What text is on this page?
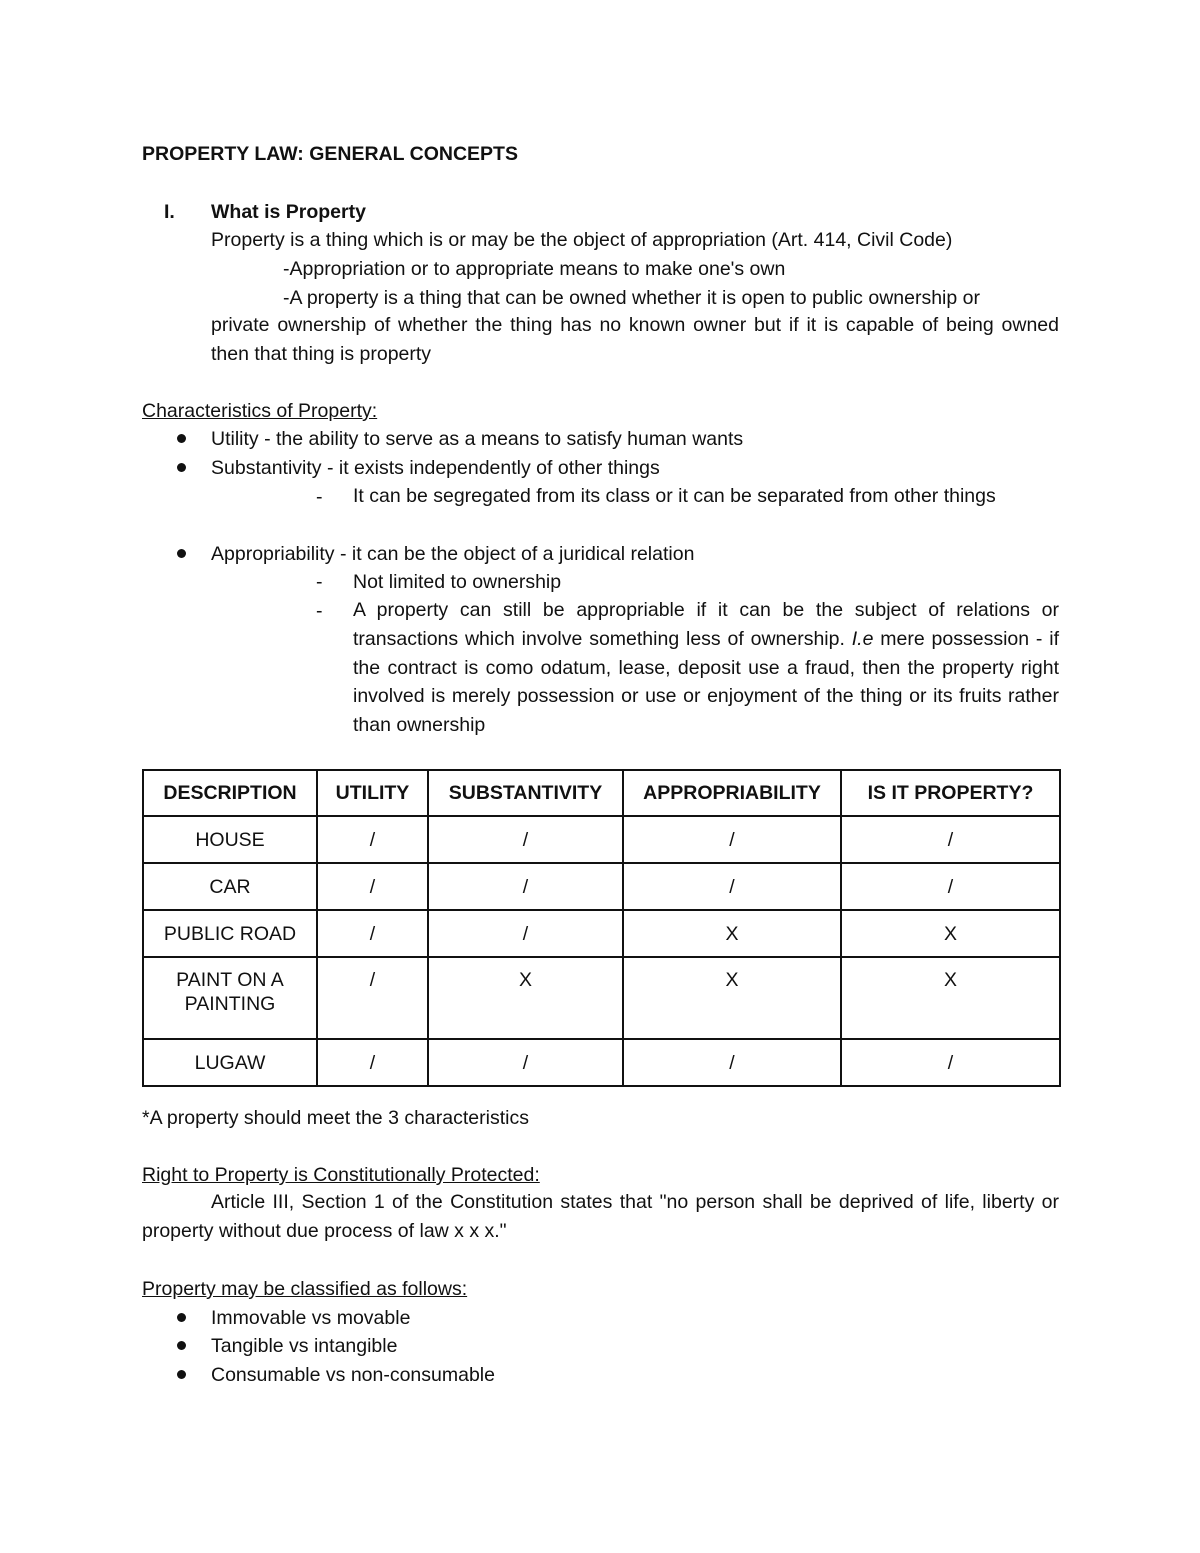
PROPERTY LAW: GENERAL CONCEPTS
I. What is Property
Property is a thing which is or may be the object of appropriation (Art. 414, Civil Code)
-Appropriation or to appropriate means to make one's own
-A property is a thing that can be owned whether it is open to public ownership or
private ownership of whether the thing has no known owner but if it is capable of being owned then that thing is property
Characteristics of Property:
Utility - the ability to serve as a means to satisfy human wants
Substantivity - it exists independently of other things
- It can be segregated from its class or it can be separated from other things
Appropriability - it can be the object of a juridical relation
- Not limited to ownership
- A property can still be appropriable if it can be the subject of relations or transactions which involve something less of ownership. I.e mere possession - if the contract is como odatum, lease, deposit use a fraud, then the property right involved is merely possession or use or enjoyment of the thing or its fruits rather than ownership
DESCRIPTION	UTILITY	SUBSTANTIVITY	APPROPRIABILITY	IS IT PROPERTY?
HOUSE	/	/	/	/
CAR	/	/	/	/
PUBLIC ROAD	/	/	X	X
PAINT ON A PAINTING	/	X	X	X
LUGAW	/	/	/	/
*A property should meet the 3 characteristics
Right to Property is Constitutionally Protected:
Article III, Section 1 of the Constitution states that "no person shall be deprived of life, liberty or property without due process of law x x x."
Property may be classified as follows:
Immovable vs movable
Tangible vs intangible
Consumable vs non-consumable
